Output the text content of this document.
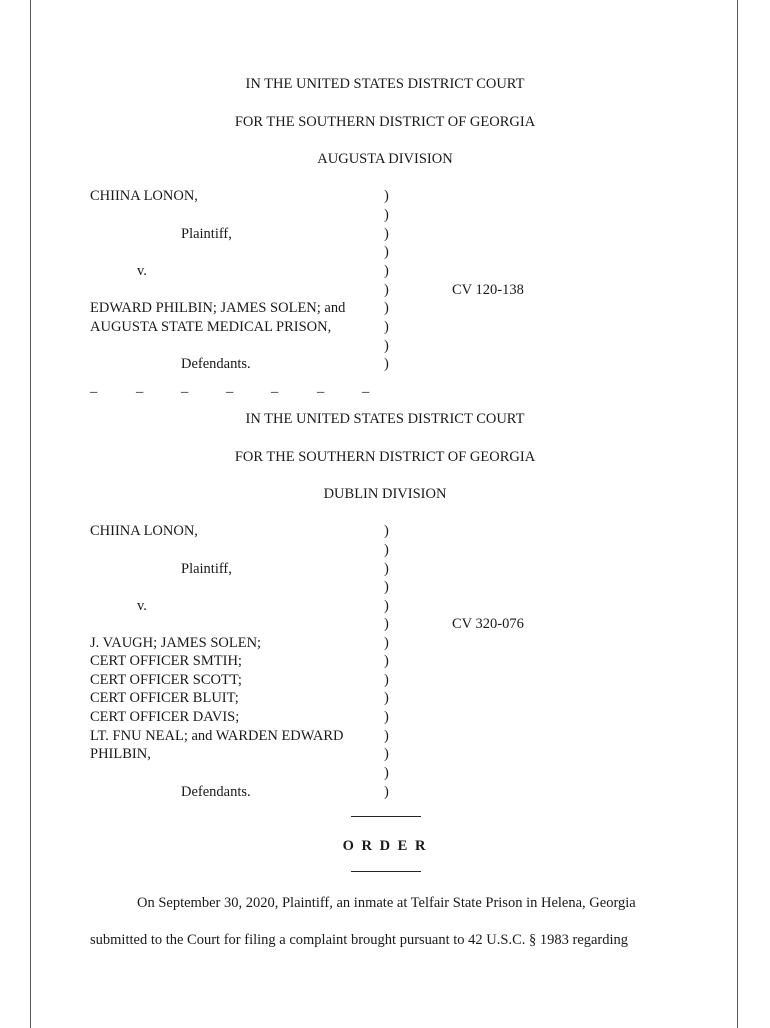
IN THE UNITED STATES DISTRICT COURT
FOR THE SOUTHERN DISTRICT OF GEORGIA
AUGUSTA DIVISION
CHIINA LONON,
Plaintiff,
v.
EDWARD PHILBIN; JAMES SOLEN; and
AUGUSTA STATE MEDICAL PRISON,
Defendants.
CV 120-138
)
)
)
)
)
)
)
)
)
)
_	_	_	_	_	_	_
IN THE UNITED STATES DISTRICT COURT
FOR THE SOUTHERN DISTRICT OF GEORGIA
DUBLIN DIVISION
CHIINA LONON,
Plaintiff,
v.
J. VAUGH; JAMES SOLEN;
CERT OFFICER SMTIH;
CERT OFFICER SCOTT;
CERT OFFICER BLUIT;
CERT OFFICER DAVIS;
LT. FNU NEAL; and WARDEN EDWARD
PHILBIN,
Defendants.
CV 320-076
)
)
)
)
)
)
)
)
)
)
)
)
)
)
)
O R D E R
On September 30, 2020, Plaintiff, an inmate at Telfair State Prison in Helena, Georgia
submitted to the Court for filing a complaint brought pursuant to 42 U.S.C. § 1983 regarding
